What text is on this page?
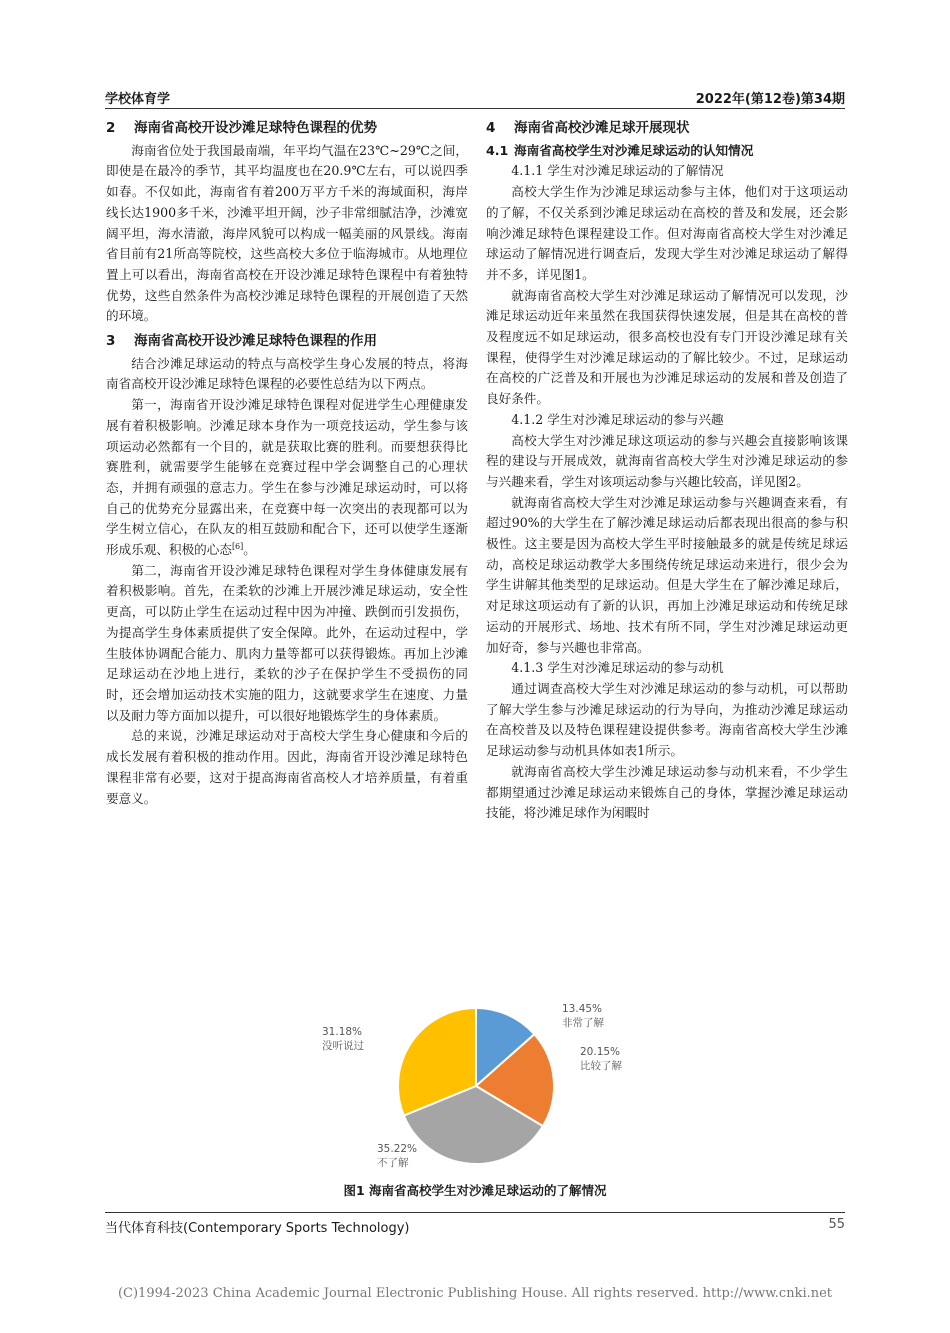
学校体育学	2022年(第12卷)第34期
2 海南省高校开设沙滩足球特色课程的优势

海南省位处于我国最南端，年平均气温在23℃~29℃之间，即使是在最冷的季节，其平均温度也在20.9℃左右，可以说四季如春。不仅如此，海南省有着200万平方千米的海域面积，海岸线长达1900多千米，沙滩平坦开阔，沙子非常细腻洁净，沙滩宽阔平坦，海水清澈，海岸风貌可以构成一幅美丽的风景线。海南省目前有21所高等院校，这些高校大多位于临海城市。从地理位置上可以看出，海南省高校在开设沙滩足球特色课程中有着独特优势，这些自然条件为高校沙滩足球特色课程的开展创造了天然的环境。

3 海南省高校开设沙滩足球特色课程的作用

结合沙滩足球运动的特点与高校学生身心发展的特点，将海南省高校开设沙滩足球特色课程的必要性总结为以下两点。

第一，海南省开设沙滩足球特色课程对促进学生心理健康发展有着积极影响。沙滩足球本身作为一项竞技运动，学生参与该项运动必然都有一个目的，就是获取比赛的胜利。而要想获得比赛胜利，就需要学生能够在竞赛过程中学会调整自己的心理状态，并拥有顽强的意志力。学生在参与沙滩足球运动时，可以将自己的优势充分显露出来，在竞赛中每一次突出的表现都可以为学生树立信心，在队友的相互鼓励和配合下，还可以使学生逐渐形成乐观、积极的心态[6]。

第二，海南省开设沙滩足球特色课程对学生身体健康发展有着积极影响。首先，在柔软的沙滩上开展沙滩足球运动，安全性更高，可以防止学生在运动过程中因为冲撞、跌倒而引发损伤，为提高学生身体素质提供了安全保障。此外，在运动过程中，学生肢体协调配合能力、肌肉力量等都可以获得锻炼。再加上沙滩足球运动在沙地上进行，柔软的沙子在保护学生不受损伤的同时，还会增加运动技术实施的阻力，这就要求学生在速度、力量以及耐力等方面加以提升，可以很好地锻炼学生的身体素质。

总的来说，沙滩足球运动对于高校大学生身心健康和今后的成长发展有着积极的推动作用。因此，海南省开设沙滩足球特色课程非常有必要，这对于提高海南省高校人才培养质量，有着重要意义。

4 海南省高校沙滩足球开展现状
4.1 海南省高校学生对沙滩足球运动的认知情况

4.1.1 学生对沙滩足球运动的了解情况

高校大学生作为沙滩足球运动参与主体，他们对于这项运动的了解，不仅关系到沙滩足球运动在高校的普及和发展，还会影响沙滩足球特色课程建设工作。但对海南省高校大学生对沙滩足球运动了解情况进行调查后，发现大学生对沙滩足球运动了解得并不多，详见图1。

就海南省高校大学生对沙滩足球运动了解情况可以发现，沙滩足球运动近年来虽然在我国获得快速发展，但是其在高校的普及程度远不如足球运动，很多高校也没有专门开设沙滩足球有关课程，使得学生对沙滩足球运动的了解比较少。不过，足球运动在高校的广泛普及和开展也为沙滩足球运动的发展和普及创造了良好条件。

4.1.2 学生对沙滩足球运动的参与兴趣

高校大学生对沙滩足球这项运动的参与兴趣会直接影响该课程的建设与开展成效，就海南省高校大学生对沙滩足球运动的参与兴趣来看，学生对该项运动参与兴趣比较高，详见图2。

就海南省高校大学生对沙滩足球运动参与兴趣调查来看，有超过90%的大学生在了解沙滩足球运动后都表现出很高的参与积极性。这主要是因为高校大学生平时接触最多的就是传统足球运动，高校足球运动教学大多围绕传统足球运动来进行，很少会为学生讲解其他类型的足球运动。但是大学生在了解沙滩足球后，对足球这项运动有了新的认识，再加上沙滩足球运动和传统足球运动的开展形式、场地、技术有所不同，学生对沙滩足球运动更加好奇，参与兴趣也非常高。

4.1.3 学生对沙滩足球运动的参与动机

通过调查高校大学生对沙滩足球运动的参与动机，可以帮助了解大学生参与沙滩足球运动的行为导向，为推动沙滩足球运动在高校普及以及特色课程建设提供参考。海南省高校大学生沙滩足球运动参与动机具体如表1所示。

就海南省高校大学生沙滩足球运动参与动机来看，不少学生都期望通过沙滩足球运动来锻炼自己的身体，掌握沙滩足球运动技能，将沙滩足球作为闲暇时

13.45%
非常了解
20.15%
比较了解
35.22%
不了解
31.18%
没听说过
图1 海南省高校学生对沙滩足球运动的了解情况
当代体育科技(Contemporary Sports Technology)	55
(C)1994-2023 China Academic Journal Electronic Publishing House. All rights reserved. http://www.cnki.net
